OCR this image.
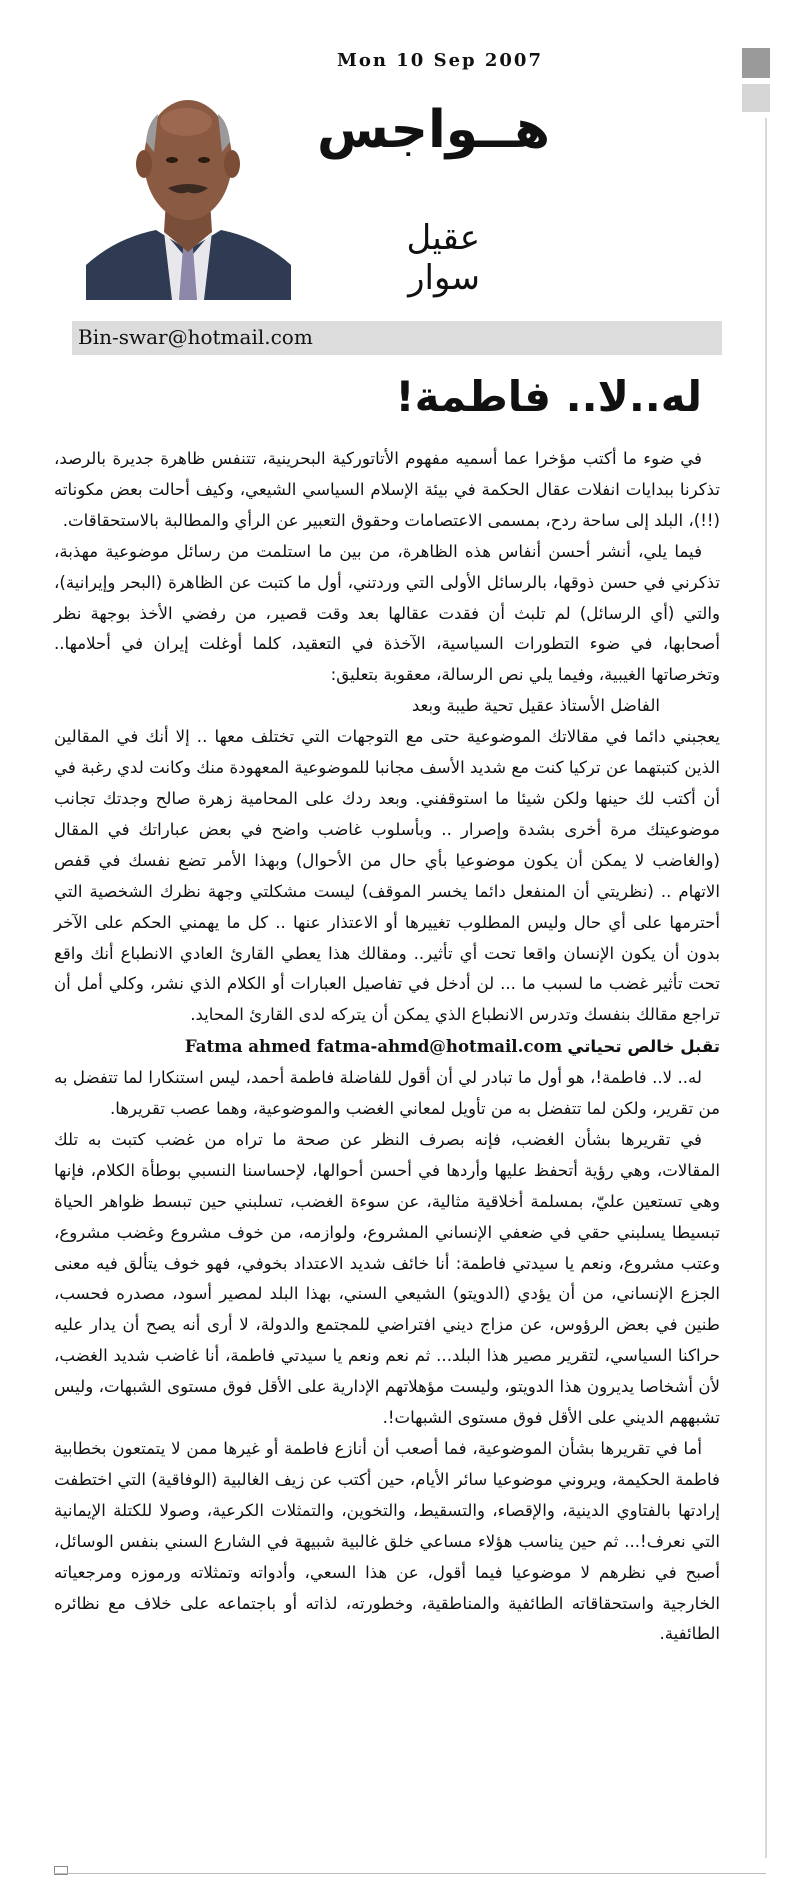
Mon 10 Sep 2007
هــواجس
عقيل سوار
Bin-swar@hotmail.com
له..لا.. فاطمة!

في ضوء ما أكتب مؤخرا عما أسميه مفهوم الأتاتوركية البحرينية، تتنفس ظاهرة جديرة بالرصد، تذكرنا ببدايات انفلات عقال الحكمة في بيئة الإسلام السياسي الشيعي، وكيف أحالت بعض مكوناته (!!)، البلد إلى ساحة ردح، بمسمى الاعتصامات وحقوق التعبير عن الرأي والمطالبة بالاستحقاقات.

فيما يلي، أنشر أحسن أنفاس هذه الظاهرة، من بين ما استلمت من رسائل موضوعية مهذبة، تذكرني في حسن ذوقها، بالرسائل الأولى التي وردتني، أول ما كتبت عن الظاهرة (البحر وإيرانية)، والتي (أي الرسائل) لم تلبث أن فقدت عقالها بعد وقت قصير، من رفضي الأخذ بوجهة نظر أصحابها، في ضوء التطورات السياسية، الآخذة في التعقيد، كلما أوغلت إيران في أحلامها.. وتخرصاتها الغيبية، وفيما يلي نص الرسالة، معقوبة بتعليق:

الفاضل الأستاذ عقيل تحية طيبة وبعد

يعجبني دائما في مقالاتك الموضوعية حتى مع التوجهات التي تختلف معها .. إلا أنك في المقالين الذين كتبتهما عن تركيا كنت مع شديد الأسف مجانبا للموضوعية المعهودة منك وكانت لدي رغبة في أن أكتب لك حينها ولكن شيئا ما استوقفني. وبعد ردك على المحامية زهرة صالح وجدتك تجانب موضوعيتك مرة أخرى بشدة وإصرار .. وبأسلوب غاضب واضح في بعض عباراتك في المقال (والغاضب لا يمكن أن يكون موضوعيا بأي حال من الأحوال) وبهذا الأمر تضع نفسك في قفص الاتهام .. (نظريتي أن المنفعل دائما يخسر الموقف) ليست مشكلتي وجهة نظرك الشخصية التي أحترمها على أي حال وليس المطلوب تغييرها أو الاعتذار عنها .. كل ما يهمني الحكم على الآخر بدون أن يكون الإنسان واقعا تحت أي تأثير.. ومقالك هذا يعطي القارئ العادي الانطباع أنك واقع تحت تأثير غضب ما لسبب ما ... لن أدخل في تفاصيل العبارات أو الكلام الذي نشر، وكلي أمل أن تراجع مقالك بنفسك وتدرس الانطباع الذي يمكن أن يتركه لدى القارئ المحايد.

تقبل خالص تحياتي Fatma ahmed fatma-ahmd@hotmail.com

له.. لا.. فاطمة!، هو أول ما تبادر لي أن أقول للفاضلة فاطمة أحمد، ليس استنكارا لما تتفضل به من تقرير، ولكن لما تتفضل به من تأويل لمعاني الغضب والموضوعية، وهما عصب تقريرها.

في تقريرها بشأن الغضب، فإنه بصرف النظر عن صحة ما تراه من غضب كتبت به تلك المقالات، وهي رؤية أتحفظ عليها وأردها في أحسن أحوالها، لإحساسنا النسبي بوطأة الكلام، فإنها وهي تستعين عليّ، بمسلمة أخلاقية مثالية، عن سوءة الغضب، تسلبني حين تبسط ظواهر الحياة تبسيطا يسلبني حقي في ضعفي الإنساني المشروع، ولوازمه، من خوف مشروع وغضب مشروع، وعتب مشروع، ونعم يا سيدتي فاطمة: أنا خائف شديد الاعتداد بخوفي، فهو خوف يتألق فيه معنى الجزع الإنساني، من أن يؤدي (الدويتو) الشيعي السني، بهذا البلد لمصير أسود، مصدره فحسب، طنين في بعض الرؤوس، عن مزاج ديني افتراضي للمجتمع والدولة، لا أرى أنه يصح أن يدار عليه حراكنا السياسي، لتقرير مصير هذا البلد... ثم نعم ونعم يا سيدتي فاطمة، أنا غاضب شديد الغضب، لأن أشخاصا يديرون هذا الدويتو، وليست مؤهلاتهم الإدارية على الأقل فوق مستوى الشبهات، وليس تشبههم الديني على الأقل فوق مستوى الشبهات!.

أما في تقريرها بشأن الموضوعية، فما أصعب أن أنازع فاطمة أو غيرها ممن لا يتمتعون بخطابية فاطمة الحكيمة، ويروني موضوعيا سائر الأيام، حين أكتب عن زيف الغالبية (الوفاقية) التي اختطفت إرادتها بالفتاوي الدينية، والإقصاء، والتسقيط، والتخوين، والتمثلات الكرعية، وصولا للكتلة الإيمانية التي نعرف!... ثم حين يناسب هؤلاء مساعي خلق غالبية شبيهة في الشارع السني بنفس الوسائل، أصبح في نظرهم لا موضوعيا فيما أقول، عن هذا السعي، وأدواته وتمثلاته ورموزه ومرجعياته الخارجية واستحقاقاته الطائفية والمناطقية، وخطورته، لذاته أو باجتماعه على خلاف مع نظائره الطائفية.
